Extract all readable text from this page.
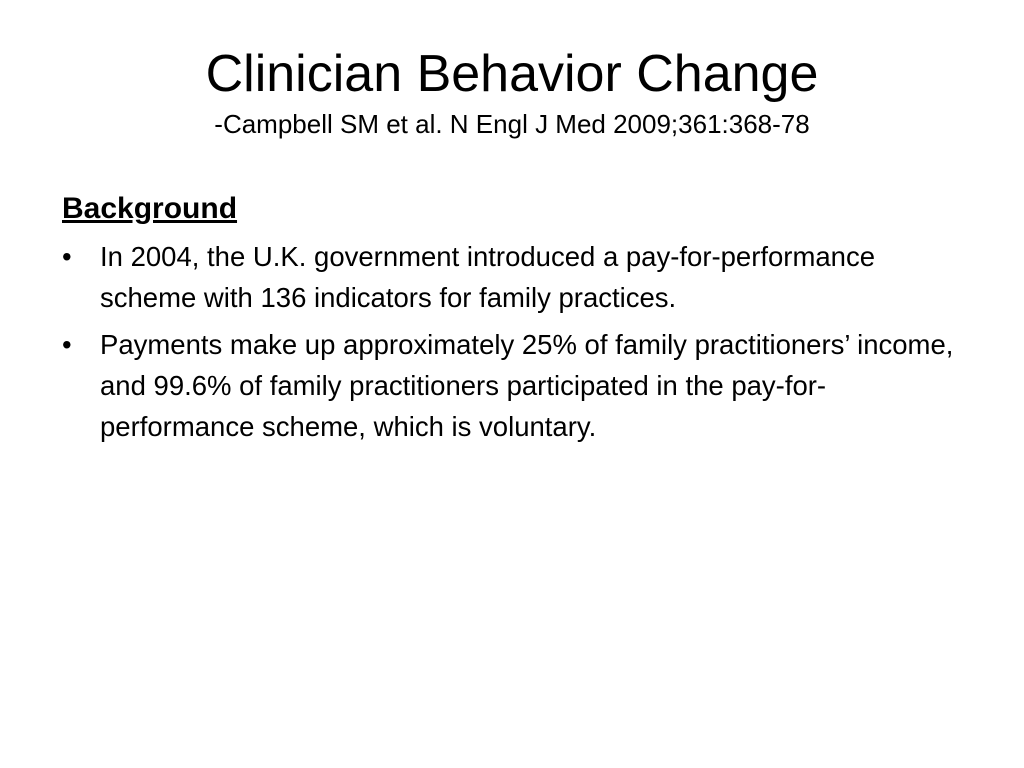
Clinician Behavior Change
-Campbell SM et al. N Engl J Med 2009;361:368-78
Background
• In 2004, the U.K. government introduced a pay-for-performance scheme with 136 indicators for family practices.
• Payments make up approximately 25% of family practitioners’ income, and 99.6% of family practitioners participated in the pay-for-performance scheme, which is voluntary.
